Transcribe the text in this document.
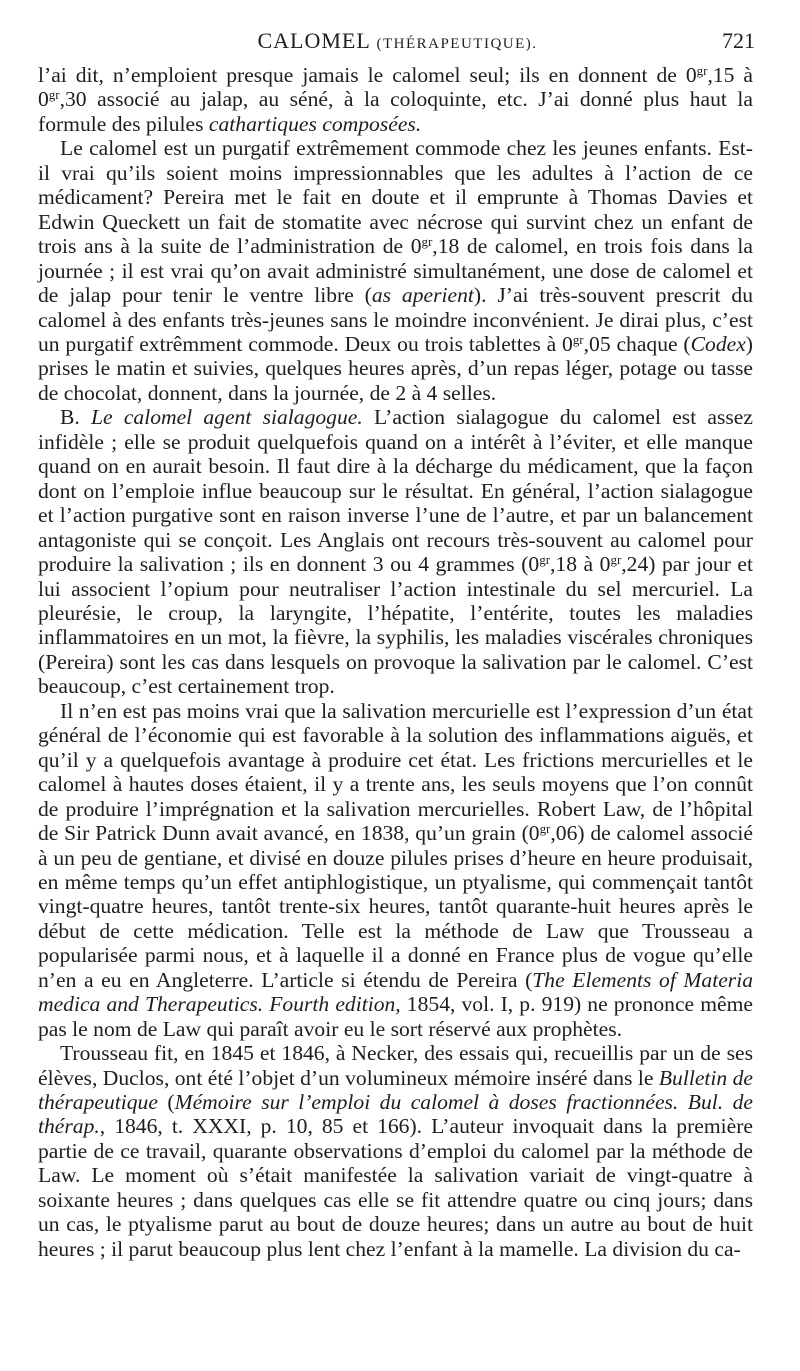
CALOMEL (THÉRAPEUTIQUE).	721

l’ai dit, n’emploient presque jamais le calomel seul; ils en donnent de $0^{gr},15$ à $0^{gr},30$ associé au jalap, au séné, à la coloquinte, etc. J’ai donné plus haut la formule des pilules cathartiques composées.

Le calomel est un purgatif extrêmement commode chez les jeunes enfants. Est-il vrai qu’ils soient moins impressionnables que les adultes à l’action de ce médicament? Pereira met le fait en doute et il emprunte à Thomas Davies et Edwin Queckett un fait de stomatite avec nécrose qui survint chez un enfant de trois ans à la suite de l’administration de $0^{gr},18$ de calomel, en trois fois dans la journée ; il est vrai qu’on avait administré simultanément, une dose de calomel et de jalap pour tenir le ventre libre (as aperient). J’ai très-souvent prescrit du calomel à des enfants très-jeunes sans le moindre inconvénient. Je dirai plus, c’est un purgatif extrêmment commode. Deux ou trois tablettes à $0^{gr},05$ chaque (Codex) prises le matin et suivies, quelques heures après, d’un repas léger, potage ou tasse de chocolat, donnent, dans la journée, de 2 à 4 selles.

B. Le calomel agent sialagogue. L’action sialagogue du calomel est assez infidèle ; elle se produit quelquefois quand on a intérêt à l’éviter, et elle manque quand on en aurait besoin. Il faut dire à la décharge du médicament, que la façon dont on l’emploie influe beaucoup sur le résultat. En général, l’action sialagogue et l’action purgative sont en raison inverse l’une de l’autre, et par un balancement antagoniste qui se conçoit. Les Anglais ont recours très-souvent au calomel pour produire la salivation ; ils en donnent 3 ou 4 grammes ($0^{gr},18$ à $0^{gr},24$) par jour et lui associent l’opium pour neutraliser l’action intestinale du sel mercuriel. La pleurésie, le croup, la laryngite, l’hépatite, l’entérite, toutes les maladies inflammatoires en un mot, la fièvre, la syphilis, les maladies viscérales chroniques (Pereira) sont les cas dans lesquels on provoque la salivation par le calomel. C’est beaucoup, c’est certainement trop.

Il n’en est pas moins vrai que la salivation mercurielle est l’expression d’un état général de l’économie qui est favorable à la solution des inflammations aiguës, et qu’il y a quelquefois avantage à produire cet état. Les frictions mercurielles et le calomel à hautes doses étaient, il y a trente ans, les seuls moyens que l’on connût de produire l’imprégnation et la salivation mercurielles. Robert Law, de l’hôpital de Sir Patrick Dunn avait avancé, en 1838, qu’un grain $(0^{gr},06)$ de calomel associé à un peu de gentiane, et divisé en douze pilules prises d’heure en heure produisait, en même temps qu’un effet antiphlogistique, un ptyalisme, qui commençait tantôt vingt-quatre heures, tantôt trente-six heures, tantôt quarante-huit heures après le début de cette médication. Telle est la méthode de Law que Trousseau a popularisée parmi nous, et à laquelle il a donné en France plus de vogue qu’elle n’en a eu en Angleterre. L’article si étendu de Pereira (The Elements of Materia medica and Therapeutics. Fourth edition, 1854, vol. I, p. 919) ne prononce même pas le nom de Law qui paraît avoir eu le sort réservé aux prophètes.

Trousseau fit, en 1845 et 1846, à Necker, des essais qui, recueillis par un de ses élèves, Duclos, ont été l’objet d’un volumineux mémoire inséré dans le Bulletin de thérapeutique (Mémoire sur l’emploi du calomel à doses fractionnées. Bul. de thérap., 1846, t. XXXI, p. 10, 85 et 166). L’auteur invoquait dans la première partie de ce travail, quarante observations d’emploi du calomel par la méthode de Law. Le moment où s’était manifestée la salivation variait de vingt-quatre à soixante heures ; dans quelques cas elle se fit attendre quatre ou cinq jours; dans un cas, le ptyalisme parut au bout de douze heures; dans un autre au bout de huit heures ; il parut beaucoup plus lent chez l’enfant à la mamelle. La division du ca-
